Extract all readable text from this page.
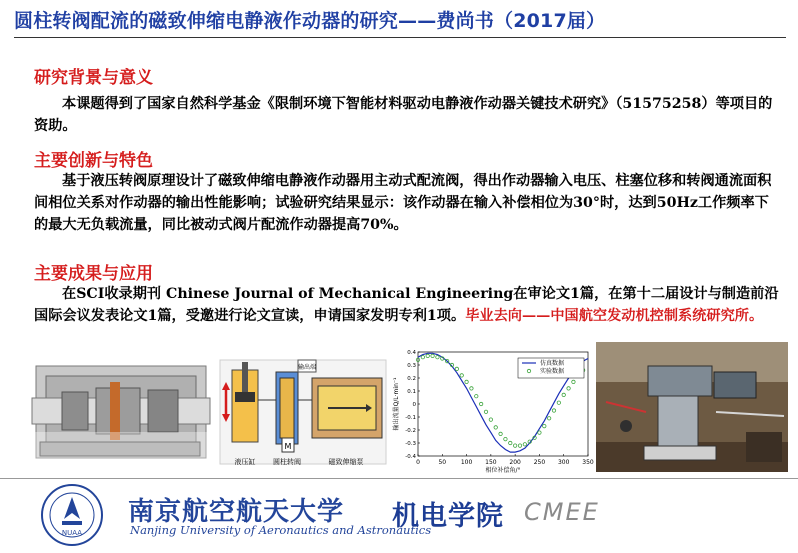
圆柱转阀配流的磁致伸缩电静液作动器的研究——费尚书（2017届）
研究背景与意义
本课题得到了国家自然科学基金《限制环境下智能材料驱动电静液作动器关键技术研究》（51575258）等项目的资助。
主要创新与特色
基于液压转阀原理设计了磁致伸缩电静液作动器用主动式配流阀，得出作动器输入电压、柱塞位移和转阀通流面积间相位关系对作动器的输出性能影响；试验研究结果显示：该作动器在输入补偿相位为30°时，达到50Hz工作频率下的最大无负载流量，同比被动式阀片配流作动器提高70%。
主要成果与应用
在SCI收录期刊 Chinese Journal of Mechanical Engineering在审论文1篇，在第十二届设计与制造前沿国际会议发表论文1篇，受邀进行论文宣读，申请国家发明专利1项。毕业去向——中国航空发动机控制系统研究所。
M
输出端
液压缸	圆柱转阀	磁致伸缩泵	0	50 100 150 200 250 300 350
0.4
0.3
0.2
0.1
0
-0.1
-0.2
-0.3
-0.4
相位补偿角/°
输出流量Q/L·min⁻¹
仿真数据
实验数据
NUAA
南京航空航天大学
Nanjing University of Aeronautics and Astronautics
机电学院 CMEE
